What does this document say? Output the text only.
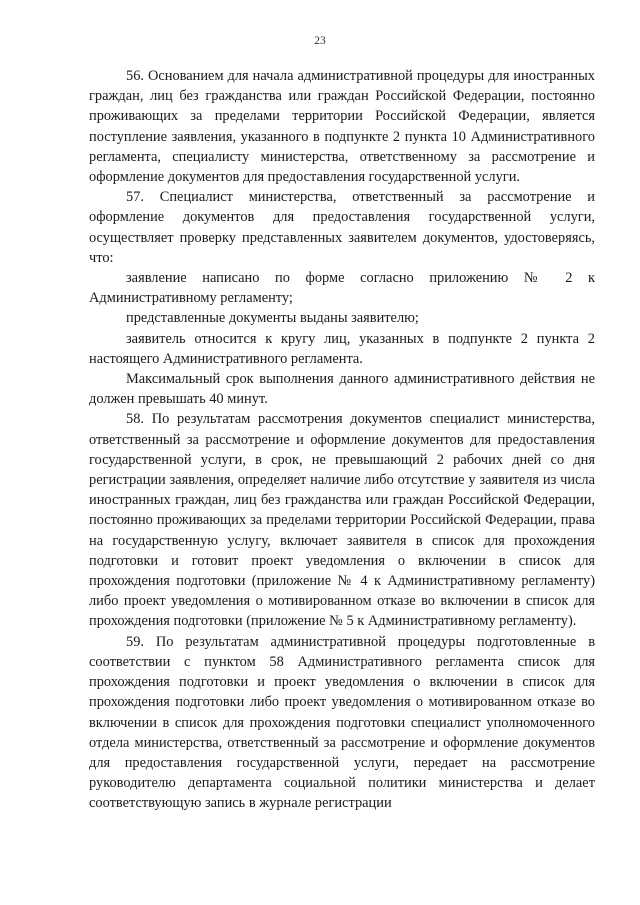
23

56. Основанием для начала административной процедуры для иностранных граждан, лиц без гражданства или граждан Российской Федерации, постоянно проживающих за пределами территории Российской Федерации, является поступление заявления, указанного в подпункте 2 пункта 10 Административного регламента, специалисту министерства, ответственному за рассмотрение и оформление документов для предоставления государственной услуги.

57. Специалист министерства, ответственный за рассмотрение и оформление документов для предоставления государственной услуги, осуществляет проверку представленных заявителем документов, удостоверяясь, что:

заявление написано по форме согласно приложению № 2 к Административному регламенту;

представленные документы выданы заявителю;

заявитель относится к кругу лиц, указанных в подпункте 2 пункта 2 настоящего Административного регламента.

Максимальный срок выполнения данного административного действия не должен превышать 40 минут.

58. По результатам рассмотрения документов специалист министерства, ответственный за рассмотрение и оформление документов для предоставления государственной услуги, в срок, не превышающий 2 рабочих дней со дня регистрации заявления, определяет наличие либо отсутствие у заявителя из числа иностранных граждан, лиц без гражданства или граждан Российской Федерации, постоянно проживающих за пределами территории Российской Федерации, права на государственную услугу, включает заявителя в список для прохождения подготовки и готовит проект уведомления о включении в список для прохождения подготовки (приложение № 4 к Административному регламенту) либо проект уведомления о мотивированном отказе во включении в список для прохождения подготовки (приложение № 5 к Административному регламенту).

59. По результатам административной процедуры подготовленные в соответствии с пунктом 58 Административного регламента список для прохождения подготовки и проект уведомления о включении в список для прохождения подготовки либо проект уведомления о мотивированном отказе во включении в список для прохождения подготовки специалист уполномоченного отдела министерства, ответственный за рассмотрение и оформление документов для предоставления государственной услуги, передает на рассмотрение руководителю департамента социальной политики министерства и делает соответствующую запись в журнале регистрации
